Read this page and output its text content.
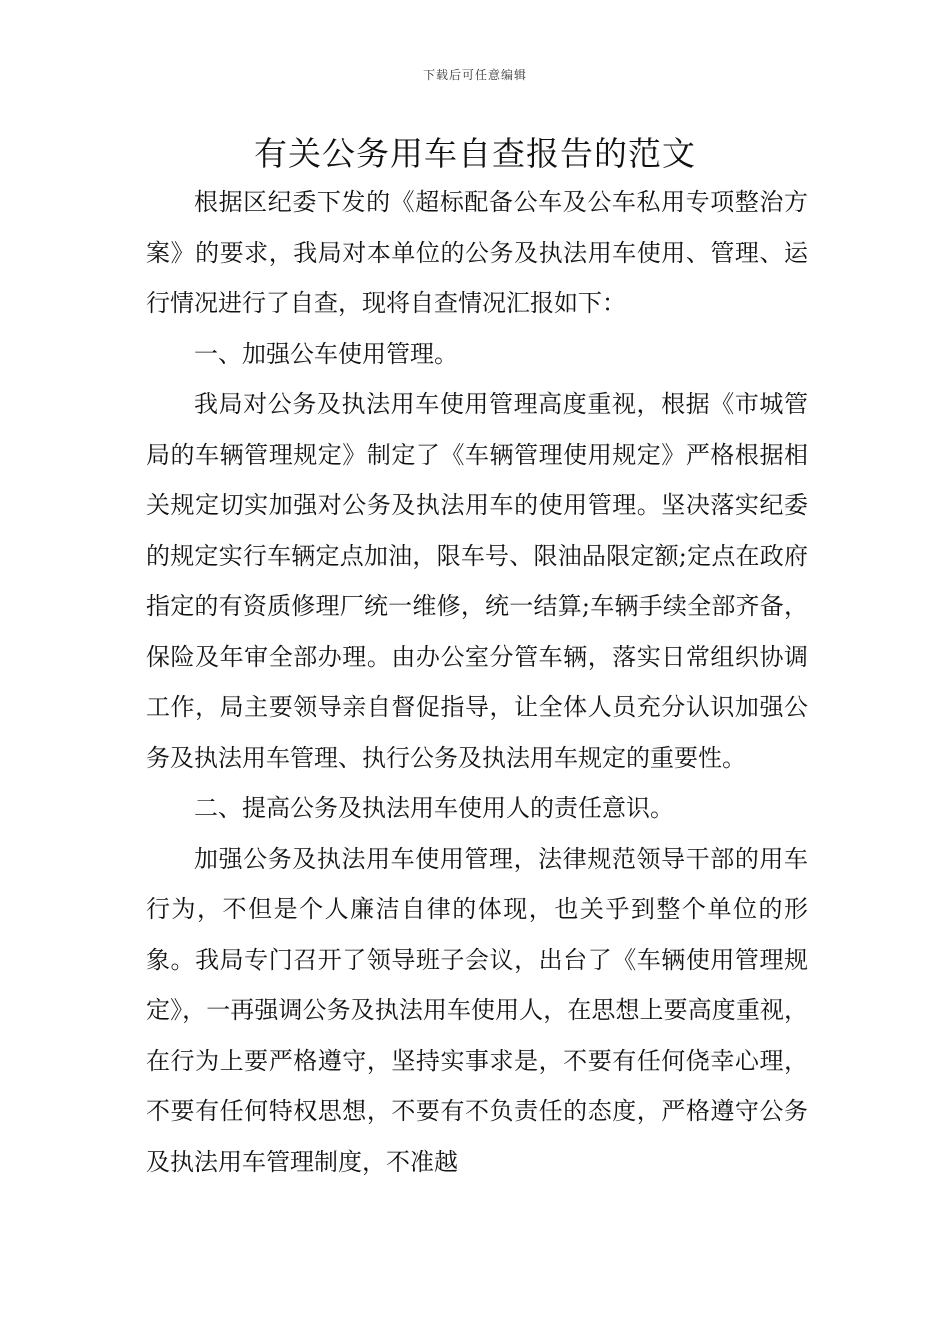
下载后可任意编辑
有关公务用车自查报告的范文

根据区纪委下发的《超标配备公车及公车私用专项整治方案》的要求，我局对本单位的公务及执法用车使用、管理、运行情况进行了自查，现将自查情况汇报如下：

一、加强公车使用管理。

我局对公务及执法用车使用管理高度重视，根据《市城管局的车辆管理规定》制定了《车辆管理使用规定》严格根据相关规定切实加强对公务及执法用车的使用管理。坚决落实纪委的规定实行车辆定点加油，限车号、限油品限定额;定点在政府指定的有资质修理厂统一维修，统一结算;车辆手续全部齐备，保险及年审全部办理。由办公室分管车辆，落实日常组织协调工作，局主要领导亲自督促指导，让全体人员充分认识加强公务及执法用车管理、执行公务及执法用车规定的重要性。

二、提高公务及执法用车使用人的责任意识。

加强公务及执法用车使用管理，法律规范领导干部的用车行为，不但是个人廉洁自律的体现，也关乎到整个单位的形象。我局专门召开了领导班子会议，出台了《车辆使用管理规定》，一再强调公务及执法用车使用人，在思想上要高度重视，在行为上要严格遵守，坚持实事求是，不要有任何侥幸心理，不要有任何特权思想，不要有不负责任的态度，严格遵守公务及执法用车管理制度，不准越
